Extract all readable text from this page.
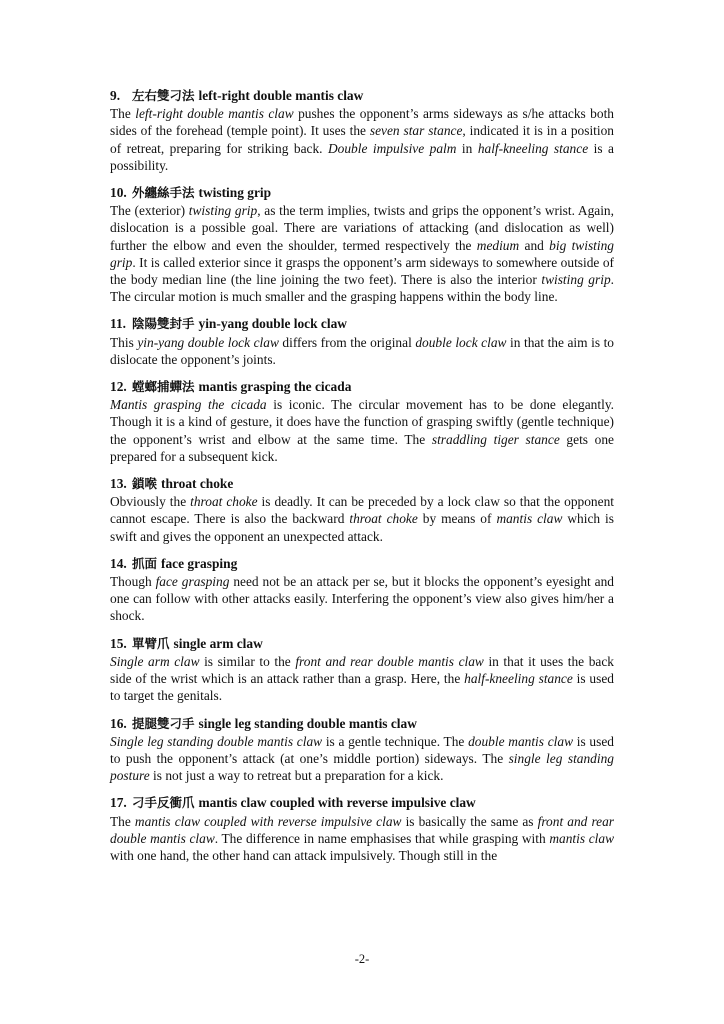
9. 左右雙刁法 left-right double mantis claw

The left-right double mantis claw pushes the opponent’s arms sideways as s/he attacks both sides of the forehead (temple point). It uses the seven star stance, indicated it is in a position of retreat, preparing for striking back. Double impulsive palm in half-kneeling stance is a possibility.

10. 外纏絲手法 twisting grip

The (exterior) twisting grip, as the term implies, twists and grips the opponent’s wrist. Again, dislocation is a possible goal. There are variations of attacking (and dislocation as well) further the elbow and even the shoulder, termed respectively the medium and big twisting grip. It is called exterior since it grasps the opponent’s arm sideways to somewhere outside of the body median line (the line joining the two feet). There is also the interior twisting grip. The circular motion is much smaller and the grasping happens within the body line.

11. 陰陽雙封手 yin-yang double lock claw

This yin-yang double lock claw differs from the original double lock claw in that the aim is to dislocate the opponent’s joints.

12. 螳螂捕蟬法 mantis grasping the cicada

Mantis grasping the cicada is iconic. The circular movement has to be done elegantly. Though it is a kind of gesture, it does have the function of grasping swiftly (gentle technique) the opponent’s wrist and elbow at the same time. The straddling tiger stance gets one prepared for a subsequent kick.

13. 鎖喉 throat choke

Obviously the throat choke is deadly. It can be preceded by a lock claw so that the opponent cannot escape. There is also the backward throat choke by means of mantis claw which is swift and gives the opponent an unexpected attack.

14. 抓面 face grasping

Though face grasping need not be an attack per se, but it blocks the opponent’s eyesight and one can follow with other attacks easily. Interfering the opponent’s view also gives him/her a shock.

15. 單臂爪 single arm claw

Single arm claw is similar to the front and rear double mantis claw in that it uses the back side of the wrist which is an attack rather than a grasp. Here, the half-kneeling stance is used to target the genitals.

16. 提腿雙刁手 single leg standing double mantis claw

Single leg standing double mantis claw is a gentle technique. The double mantis claw is used to push the opponent’s attack (at one’s middle portion) sideways. The single leg standing posture is not just a way to retreat but a preparation for a kick.

17. 刁手反衝爪 mantis claw coupled with reverse impulsive claw

The mantis claw coupled with reverse impulsive claw is basically the same as front and rear double mantis claw. The difference in name emphasises that while grasping with mantis claw with one hand, the other hand can attack impulsively. Though still in the

-2-
